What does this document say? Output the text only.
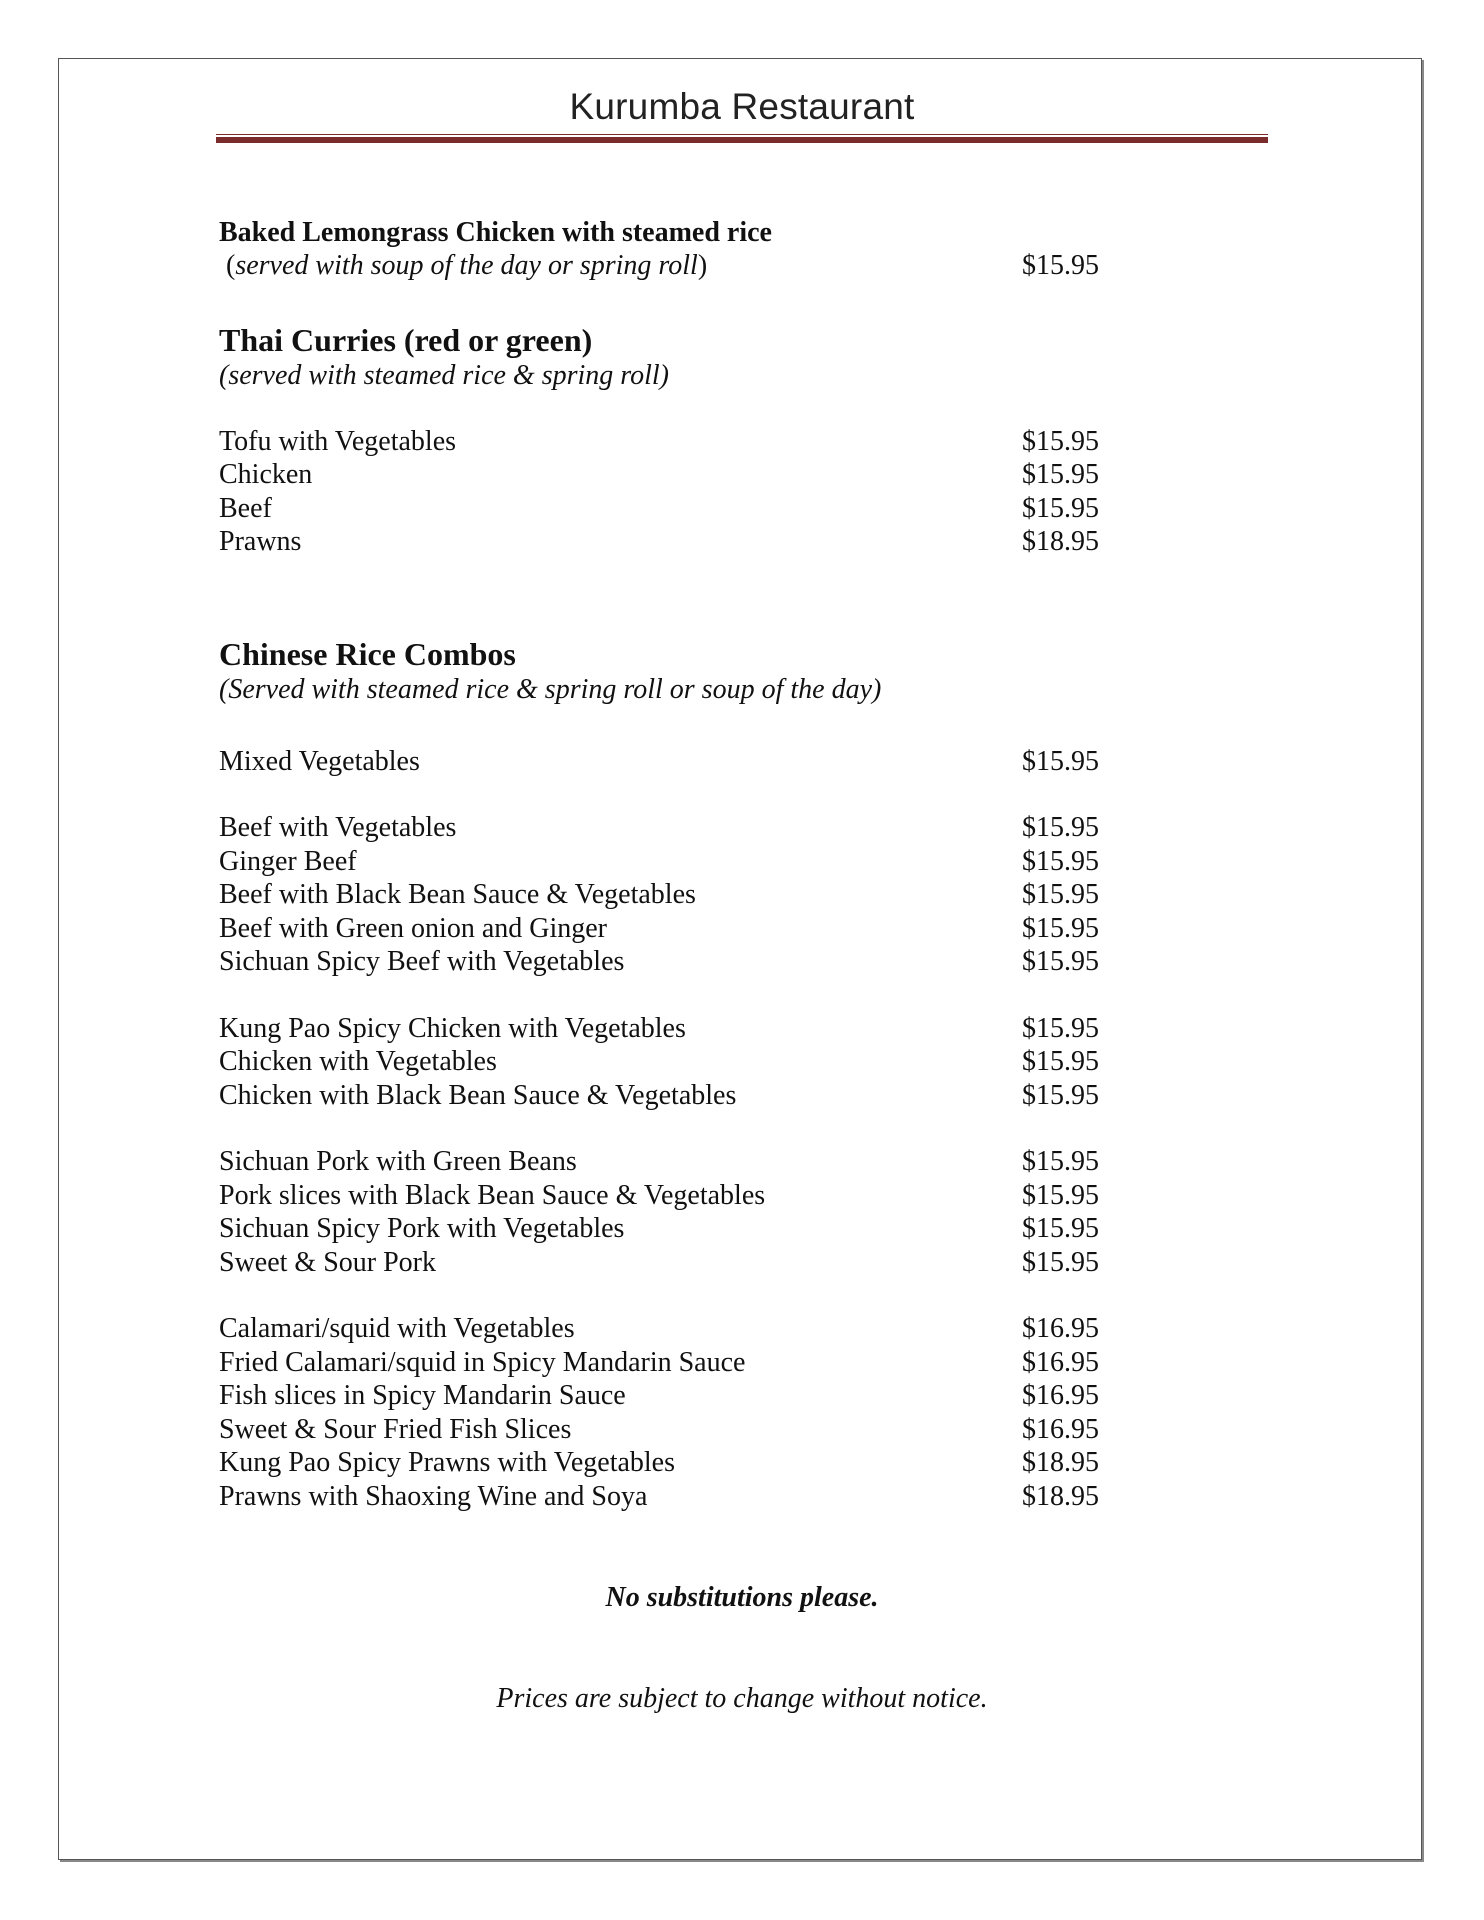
Kurumba Restaurant
Baked Lemongrass Chicken with steamed rice
(served with soup of the day or spring roll)	$15.95
Thai Curries (red or green)
(served with steamed rice & spring roll)
Tofu with Vegetables	$15.95
Chicken	$15.95
Beef	$15.95
Prawns	$18.95
Chinese Rice Combos
(Served with steamed rice & spring roll or soup of the day)
Mixed Vegetables	$15.95
Beef with Vegetables	$15.95
Ginger Beef	$15.95
Beef with Black Bean Sauce & Vegetables	$15.95
Beef with Green onion and Ginger	$15.95
Sichuan Spicy Beef with Vegetables	$15.95
Kung Pao Spicy Chicken with Vegetables	$15.95
Chicken with Vegetables	$15.95
Chicken with Black Bean Sauce & Vegetables	$15.95
Sichuan Pork with Green Beans	$15.95
Pork slices with Black Bean Sauce & Vegetables	$15.95
Sichuan Spicy Pork with Vegetables	$15.95
Sweet & Sour Pork	$15.95
Calamari/squid with Vegetables	$16.95
Fried Calamari/squid in Spicy Mandarin Sauce	$16.95
Fish slices in Spicy Mandarin Sauce	$16.95
Sweet & Sour Fried Fish Slices	$16.95
Kung Pao Spicy Prawns with Vegetables	$18.95
Prawns with Shaoxing Wine and Soya	$18.95
No substitutions please.
Prices are subject to change without notice.
